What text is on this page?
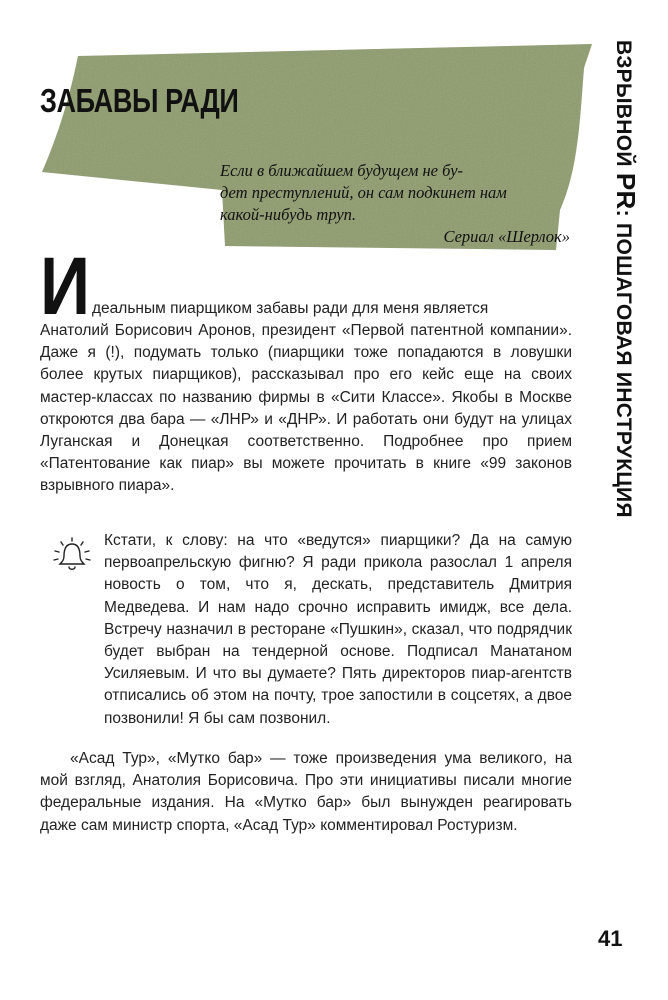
ЗАБАВЫ РАДИ
Если в ближайшем будущем не бу-
дет преступлений, он сам подкинет нам
какой-нибудь труп.
Сериал «Шерлок»
ВЗРЫВНОЙ PR: ПОШАГОВАЯ ИНСТРУКЦИЯ
И деальным пиарщиком забавы ради для меня является
Анатолий Борисович Аронов, президент «Первой патентной компании». Даже я (!), подумать только (пиарщики тоже попадаются в ловушки более крутых пиарщиков), рассказывал про его кейс еще на своих мастер-классах по названию фирмы в «Сити Классе». Якобы в Москве откроются два бара — «ЛНР» и «ДНР». И работать они будут на улицах Луганская и Донецкая соответственно. Подробнее про прием «Патентование как пиар» вы можете прочитать в книге «99 законов взрывного пиара».
Кстати, к слову: на что «ведутся» пиарщики? Да на самую первоапрельскую фигню? Я ради прикола разослал 1 апреля новость о том, что я, дескать, представитель Дмитрия Медведева. И нам надо срочно исправить имидж, все дела. Встречу назначил в ресторане «Пушкин», сказал, что подрядчик будет выбран на тендерной основе. Подписал Манатаном Усиляевым. И что вы думаете? Пять директоров пиар-агентств отписались об этом на почту, трое запостили в соцсетях, а двое позвонили! Я бы сам позвонил.
«Асад Тур», «Мутко бар» — тоже произведения ума великого, на мой взгляд, Анатолия Борисовича. Про эти инициативы писали многие федеральные издания. На «Мутко бар» был вынужден реагировать даже сам министр спорта, «Асад Тур» комментировал Ростуризм.
41
